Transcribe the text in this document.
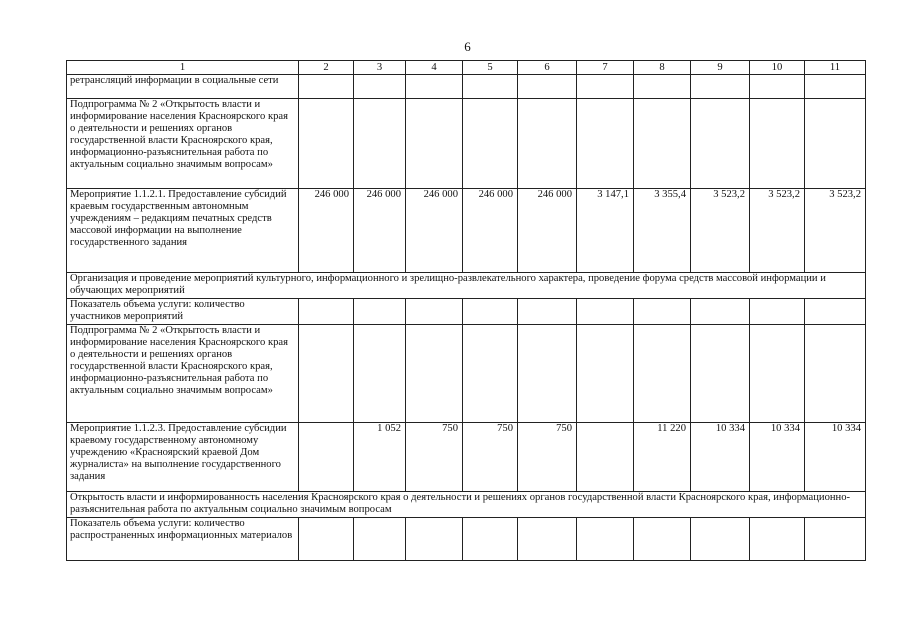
6
1	2	3	4	5	6	7	8	9	10	11
ретрансляций информации в социальные сети										
Подпрограмма № 2 «Открытость власти и информирование населения Красноярского края о деятельности и решениях органов государственной власти Красноярского края, информационно-разъяснительная работа по актуальным социально значимым вопросам»										
Мероприятие 1.1.2.1. Предоставление субсидий краевым государственным автономным учреждениям – редакциям печатных средств массовой информации на выполнение государственного задания	246 000	246 000	246 000	246 000	246 000	3 147,1	3 355,4	3 523,2	3 523,2	3 523,2
Организация и проведение мероприятий культурного, информационного и зрелищно-развлекательного характера, проведение форума средств массовой информации и обучающих мероприятий										
Показатель объема услуги: количество участников мероприятий										
Подпрограмма № 2 «Открытость власти и информирование населения Красноярского края о деятельности и решениях органов государственной власти Красноярского края, информационно-разъяснительная работа по актуальным социально значимым вопросам»										
Мероприятие 1.1.2.3. Предоставление субсидии краевому государственному автономному учреждению «Красноярский краевой Дом журналиста» на выполнение государственного задания		1 052	750	750	750		11 220	10 334	10 334	10 334
Открытость власти и информированность населения Красноярского края о деятельности и решениях органов государственной власти Красноярского края, информационно-разъяснительная работа по актуальным социально значимым вопросам										
Показатель объема услуги: количество распространенных информационных материалов										
